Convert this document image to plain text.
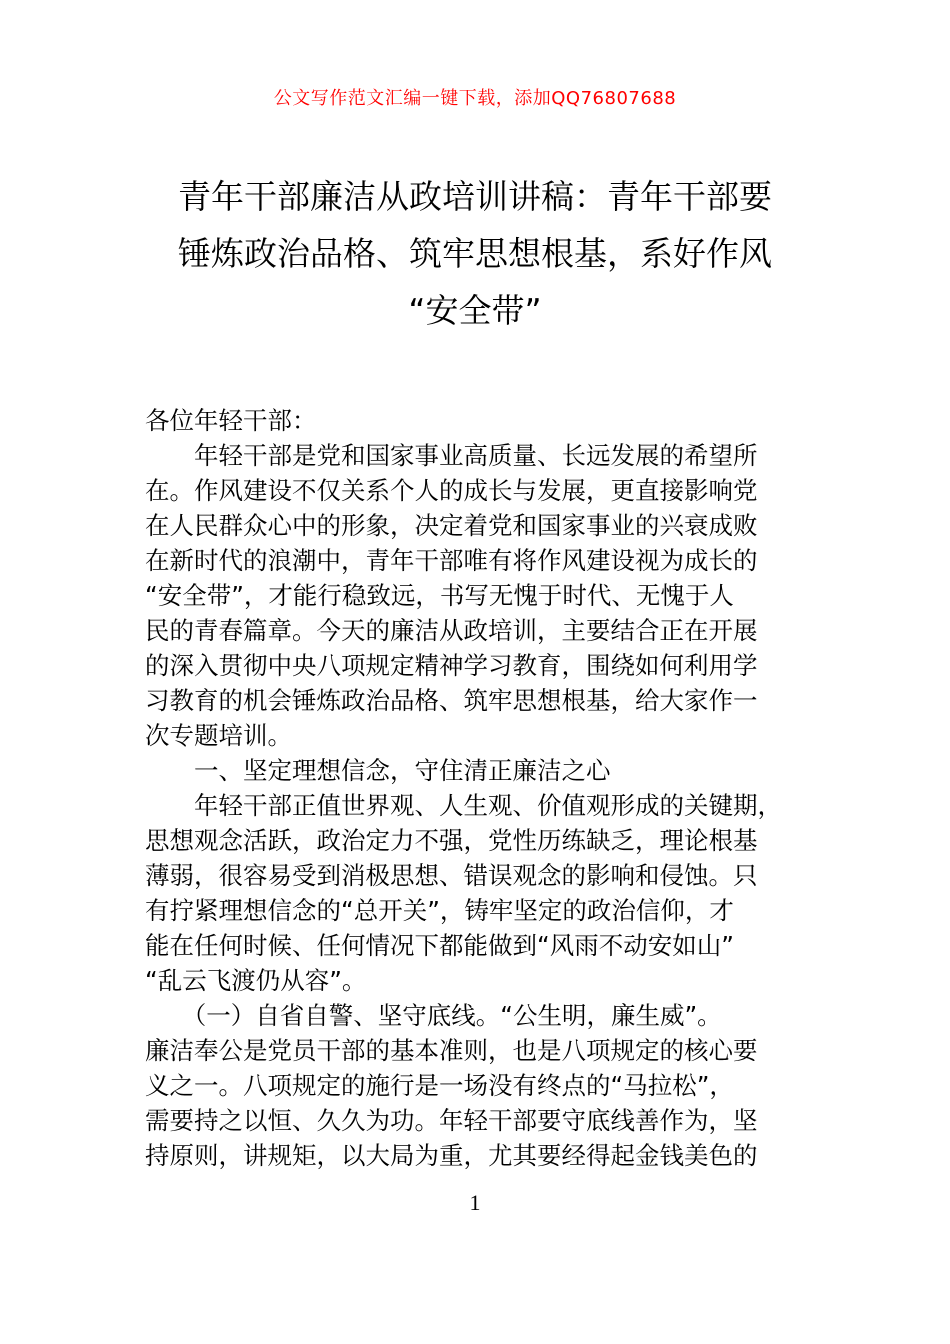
公文写作范文汇编一键下载，添加QQ76807688
青年干部廉洁从政培训讲稿：青年干部要
锤炼政治品格、筑牢思想根基，系好作风
“安全带”
各位年轻干部：
　　年轻干部是党和国家事业高质量、长远发展的希望所
在。作风建设不仅关系个人的成长与发展，更直接影响党
在人民群众心中的形象，决定着党和国家事业的兴衰成败
在新时代的浪潮中，青年干部唯有将作风建设视为成长的
“安全带”，才能行稳致远，书写无愧于时代、无愧于人
民的青春篇章。今天的廉洁从政培训，主要结合正在开展
的深入贯彻中央八项规定精神学习教育，围绕如何利用学
习教育的机会锤炼政治品格、筑牢思想根基，给大家作一
次专题培训。
　　一、坚定理想信念，守住清正廉洁之心
　　年轻干部正值世界观、人生观、价值观形成的关键期，
思想观念活跃，政治定力不强，党性历练缺乏，理论根基
薄弱，很容易受到消极思想、错误观念的影响和侵蚀。只
有拧紧理想信念的“总开关”，铸牢坚定的政治信仰，才
能在任何时候、任何情况下都能做到“风雨不动安如山”
“乱云飞渡仍从容”。
　　（一）自省自警、坚守底线。“公生明，廉生威”。
廉洁奉公是党员干部的基本准则，也是八项规定的核心要
义之一。八项规定的施行是一场没有终点的“马拉松”，
需要持之以恒、久久为功。年轻干部要守底线善作为，坚
持原则，讲规矩，以大局为重，尤其要经得起金钱美色的
1
